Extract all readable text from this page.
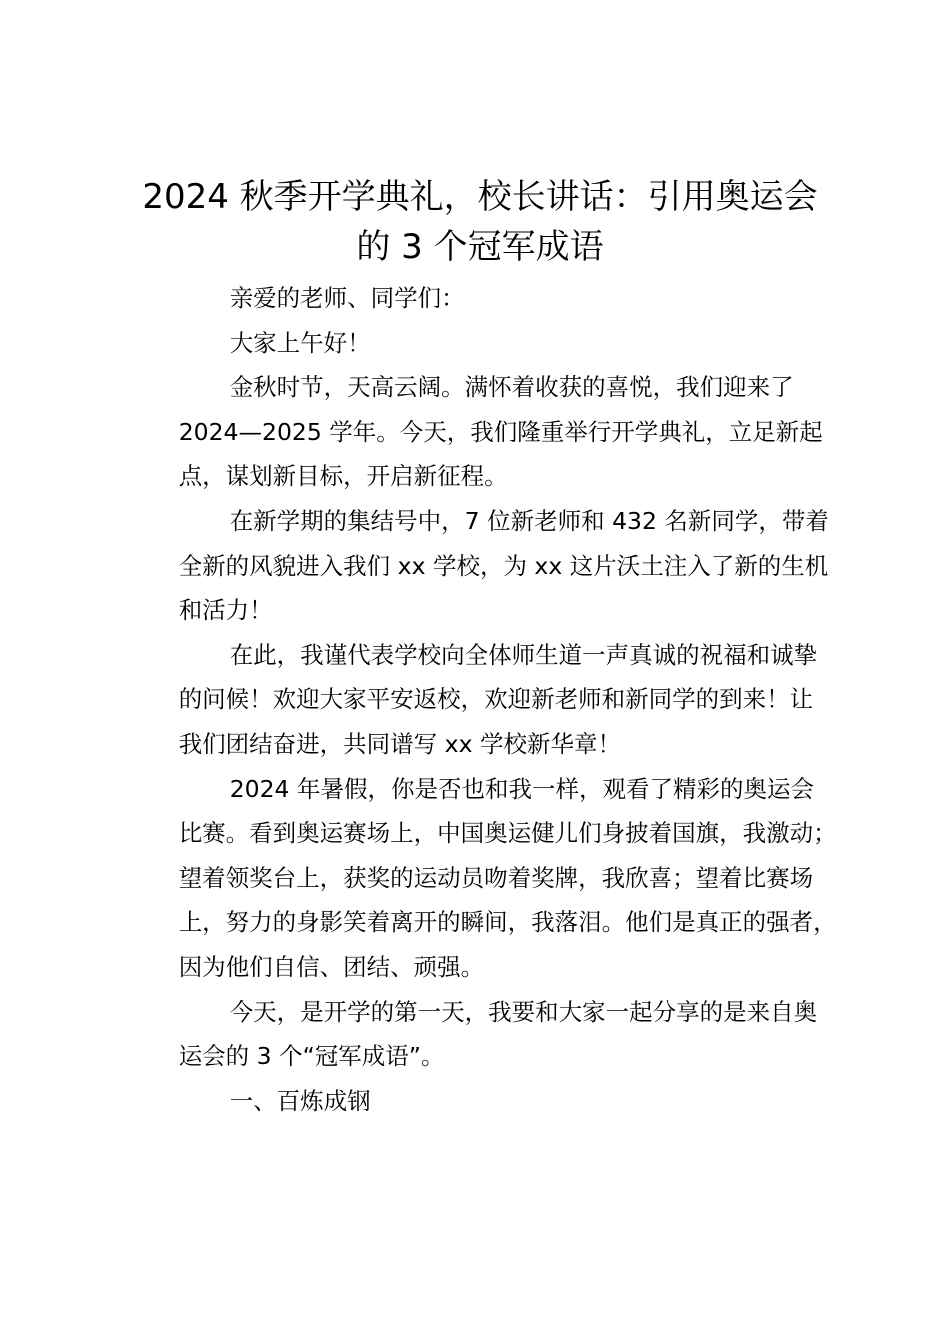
2024 秋季开学典礼，校长讲话：引用奥运会
的 3 个冠军成语

亲爱的老师、同学们：

大家上午好！

金秋时节，天高云阔。满怀着收获的喜悦，我们迎来了
2024—2025 学年。今天，我们隆重举行开学典礼，立足新起
点，谋划新目标，开启新征程。

在新学期的集结号中，7 位新老师和 432 名新同学，带着
全新的风貌进入我们 xx 学校，为 xx 这片沃土注入了新的生机
和活力！

在此，我谨代表学校向全体师生道一声真诚的祝福和诚挚
的问候！欢迎大家平安返校，欢迎新老师和新同学的到来！让
我们团结奋进，共同谱写 xx 学校新华章！

2024 年暑假，你是否也和我一样，观看了精彩的奥运会
比赛。看到奥运赛场上，中国奥运健儿们身披着国旗，我激动；
望着领奖台上，获奖的运动员吻着奖牌，我欣喜；望着比赛场
上，努力的身影笑着离开的瞬间，我落泪。他们是真正的强者，
因为他们自信、团结、顽强。

今天，是开学的第一天，我要和大家一起分享的是来自奥
运会的 3 个“冠军成语”。

一、百炼成钢
